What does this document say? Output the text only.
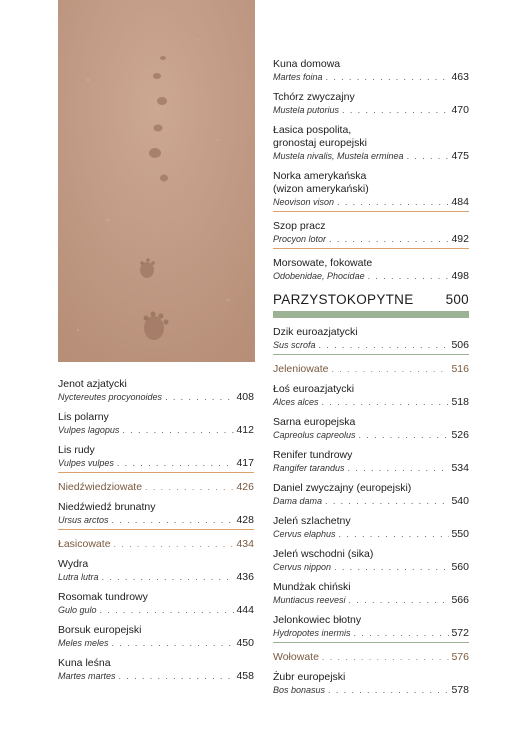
Jenot azjatycki
Nyctereutes procyonoides . . .	408
Lis polarny
Vulpes lagopus . . .	412
Lis rudy
Vulpes vulpes . . .	417
Niedźwiedziowate . . .	426
Niedźwiedź brunatny
Ursus arctos . . .	428
Łasicowate . . .	434
Wydra
Lutra lutra . . .	436
Rosomak tundrowy
Gulo gulo . . .	444
Borsuk europejski
Meles meles . . .	450
Kuna leśna
Martes martes . . .	458
Kuna domowa
Martes foina . . .	463
Tchórz zwyczajny
Mustela putorius . . .	470
Łasica pospolita,
gronostaj europejski
Mustela nivalis, Mustela erminea . . .	475
Norka amerykańska
(wizon amerykański)
Neovison vison . . .	484
Szop pracz
Procyon lotor . . .	492
Morsowate, fokowate
Odobenidae, Phocidae . . .	498
PARZYSTOKOPYTNE 500
Dzik euroazjatycki
Sus scrofa . . .	506
Jeleniowate . . .	516
Łoś euroazjatycki
Alces alces . . .	518
Sarna europejska
Capreolus capreolus . . .	526
Renifer tundrowy
Rangifer tarandus . . .	534
Daniel zwyczajny (europejski)
Dama dama . . .	540
Jeleń szlachetny
Cervus elaphus . . .	550
Jeleń wschodni (sika)
Cervus nippon . . .	560
Mundżak chiński
Muntiacus reevesi . . .	566
Jelonkowiec błotny
Hydropotes inermis . . .	572
Wołowate . . .	576
Żubr europejski
Bos bonasus . . .	578
